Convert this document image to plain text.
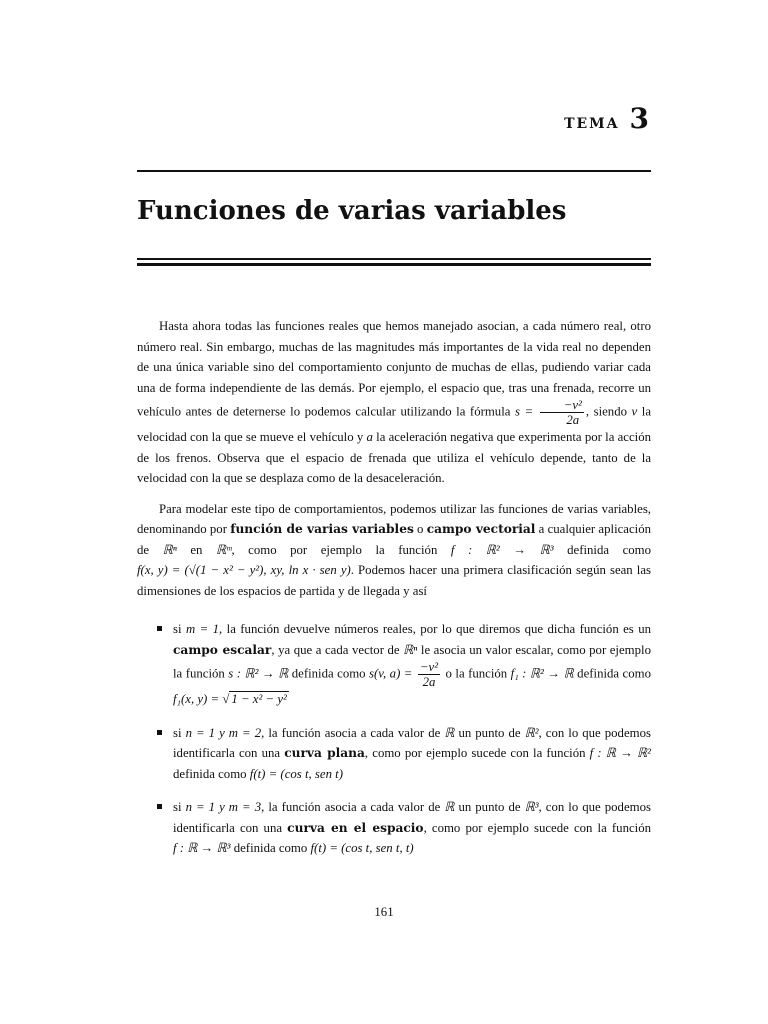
tema 3
Funciones de varias variables

Hasta ahora todas las funciones reales que hemos manejado asocian, a cada número real, otro número real. Sin embargo, muchas de las magnitudes más importantes de la vida real no dependen de una única variable sino del comportamiento conjunto de muchas de ellas, pudiendo variar cada una de forma independiente de las demás. Por ejemplo, el espacio que, tras una frenada, recorre un vehículo antes de deternerse lo podemos calcular utilizando la fórmula $s = \frac{\text{−v²}}{2a}$ , siendo v la velocidad con la que se mueve el vehículo y a la aceleración negativa que experimenta por la acción de los frenos. Observa que el espacio de frenada que utiliza el vehículo depende, tanto de la velocidad con la que se desplaza como de la desaceleración.

Para modelar este tipo de comportamientos, podemos utilizar las funciones de varias variables, denominando por función de varias variables o campo vectorial a cualquier aplicación de ℝⁿ en ℝᵐ, como por ejemplo la función f : ℝ² → ℝ³ definida como f(x, y) = (√(1 − x² − y²), xy, ln x · sen y). Podemos hacer una primera clasificación según sean las dimensiones de los espacios de partida y de llegada y así

si m = 1, la función devuelve números reales, por lo que diremos que dicha función es un campo escalar, ya que a cada vector de ℝⁿ le asocia un valor escalar, como por ejemplo la función s : ℝ² → ℝ definida como s(v, $a) = \frac{\text{−v²}}{2a}$ o la función f₁ : ℝ² → ℝ definida como f₁(x, y) = √ 1 − x² − y²
si n = 1 y m = 2, la función asocia a cada valor de ℝ un punto de ℝ², con lo que podemos identificarla con una curva plana, como por ejemplo sucede con la función f : ℝ → ℝ² definida como f(t) = (cos t, sen t)
si n = 1 y m = 3, la función asocia a cada valor de ℝ un punto de ℝ³, con lo que podemos identificarla con una curva en el espacio, como por ejemplo sucede con la función f : ℝ → ℝ³ definida como f(t) = (cos t, sen t, t)
161
